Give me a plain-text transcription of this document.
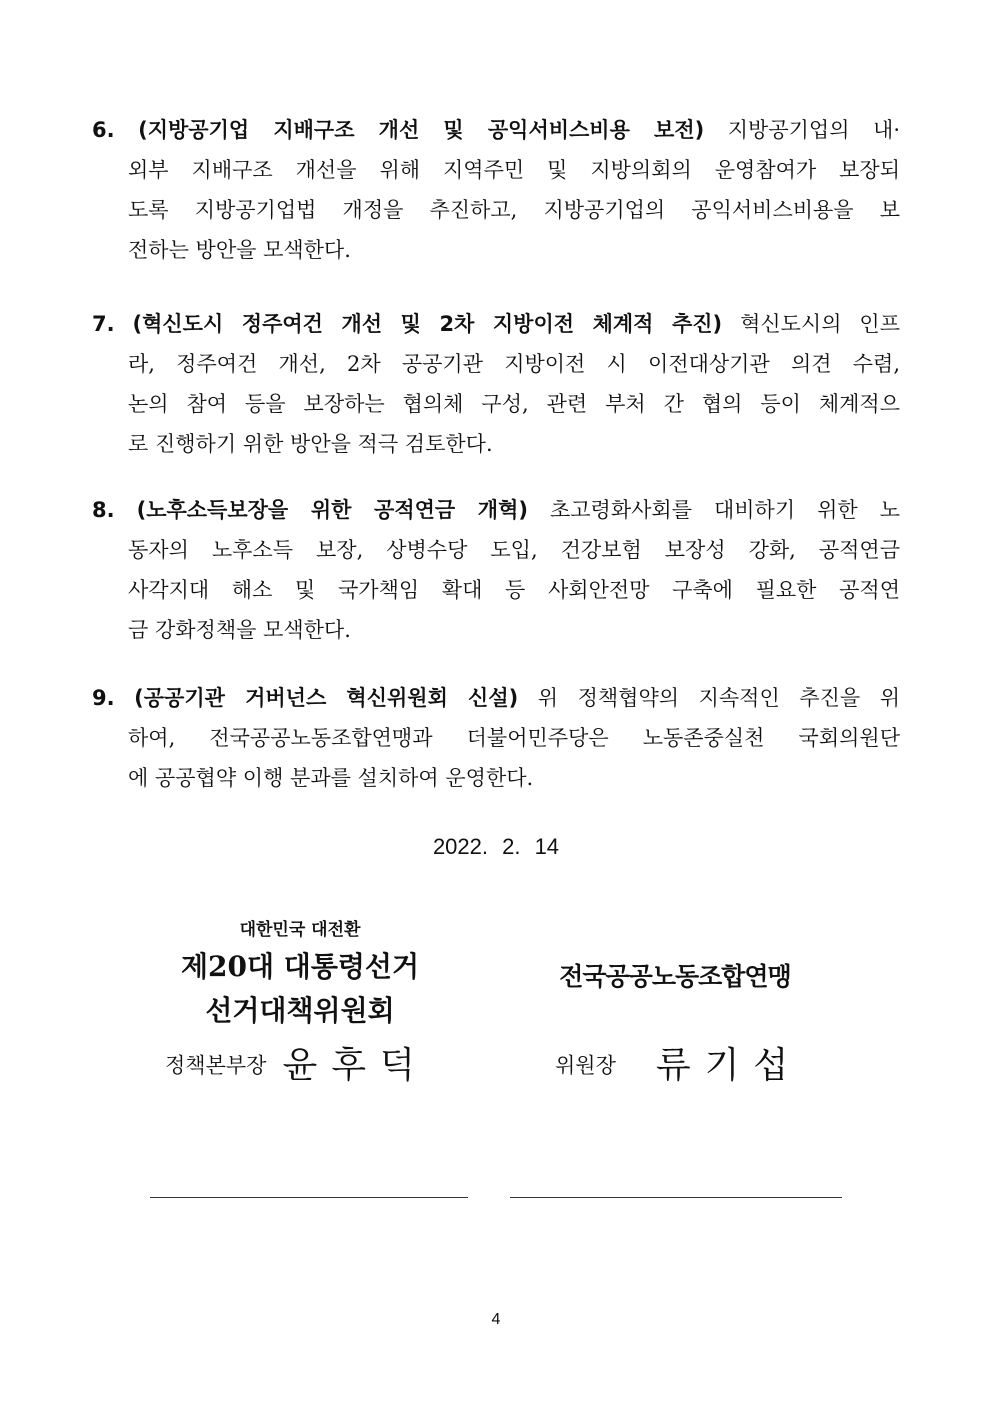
6. (지방공기업 지배구조 개선 및 공익서비스비용 보전) 지방공기업의 내·
외부 지배구조 개선을 위해 지역주민 및 지방의회의 운영참여가 보장되
도록 지방공기업법 개정을 추진하고, 지방공기업의 공익서비스비용을 보
전하는 방안을 모색한다.
7. (혁신도시 정주여건 개선 및 2차 지방이전 체계적 추진) 혁신도시의 인프
라, 정주여건 개선, 2차 공공기관 지방이전 시 이전대상기관 의견 수렴,
논의 참여 등을 보장하는 협의체 구성, 관련 부처 간 협의 등이 체계적으
로 진행하기 위한 방안을 적극 검토한다.
8. (노후소득보장을 위한 공적연금 개혁) 초고령화사회를 대비하기 위한 노
동자의 노후소득 보장, 상병수당 도입, 건강보험 보장성 강화, 공적연금
사각지대 해소 및 국가책임 확대 등 사회안전망 구축에 필요한 공적연
금 강화정책을 모색한다.
9. (공공기관 거버넌스 혁신위원회 신설) 위 정책협약의 지속적인 추진을 위
하여, 전국공공노동조합연맹과 더불어민주당은 노동존중실천 국회의원단
에 공공협약 이행 분과를 설치하여 운영한다.
2022. 2. 14
대한민국 대전환
제20대 대통령선거
선거대책위원회
전국공공노동조합연맹
정책본부장 윤후덕	위원장 류기섭
4
